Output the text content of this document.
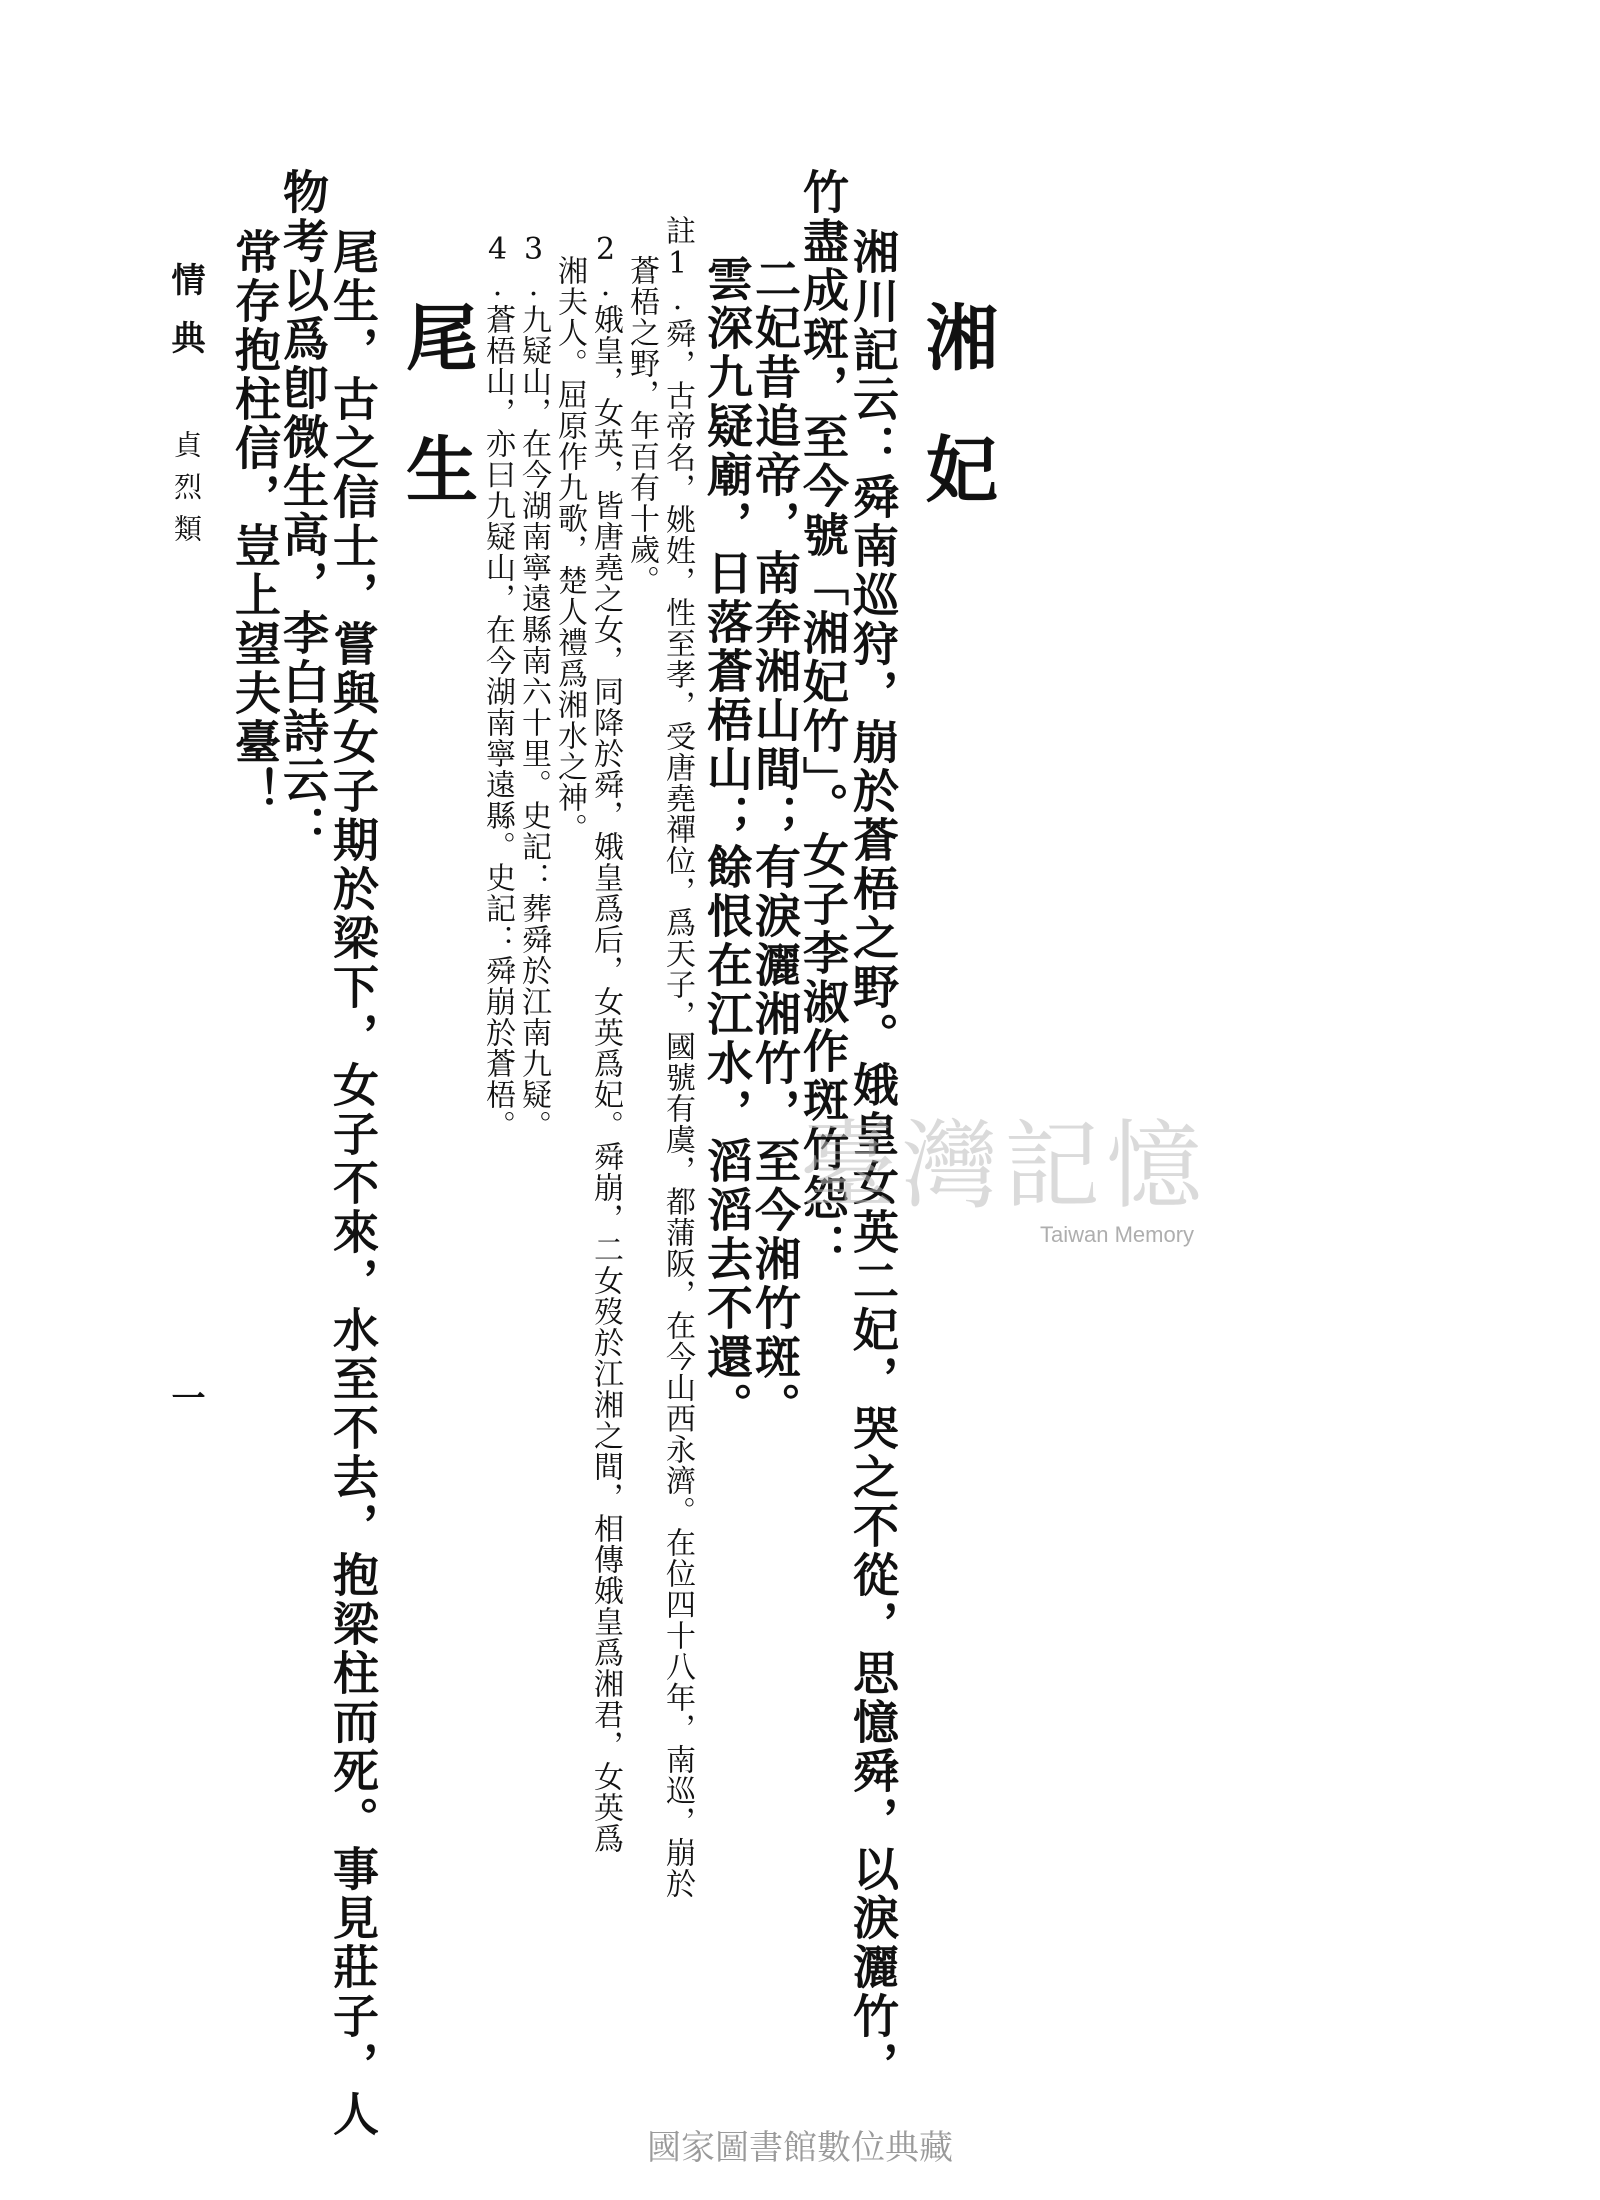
湘妃
湘川記云：舜南巡狩，崩於蒼梧之野。娥皇女英二妃，哭之不從，思憶舜，以淚灑竹，
竹盡成斑，至今號「湘妃竹」。女子李淑作斑竹怨：
二妃昔追帝，南奔湘山間；有淚灑湘竹，至今湘竹斑。
雲深九疑廟，日落蒼梧山；餘恨在江水，滔滔去不還。
註1.舜，古帝名，姚姓，性至孝，受唐堯禪位，爲天子，國號有虞，都蒲阪，在今山西永濟。在位四十八年，南巡，崩於
蒼梧之野，年百有十歲。
2.娥皇，女英，皆唐堯之女，同降於舜，娥皇爲后，女英爲妃。舜崩，二女歿於江湘之間，相傳娥皇爲湘君，女英爲
湘夫人。屈原作九歌，楚人禮爲湘水之神。
3.九疑山，在今湖南寧遠縣南六十里。史記：葬舜於江南九疑。
4.蒼梧山，亦曰九疑山，在今湖南寧遠縣。史記：舜崩於蒼梧。
尾生
尾生，古之信士，嘗與女子期於梁下，女子不來，水至不去，抱梁柱而死。事見莊子，人
物考以爲卽微生高，李白詩云：
常存抱柱信，豈上望夫臺！
情典
貞烈類
一
臺灣記憶
Taiwan Memory
國家圖書館數位典藏
